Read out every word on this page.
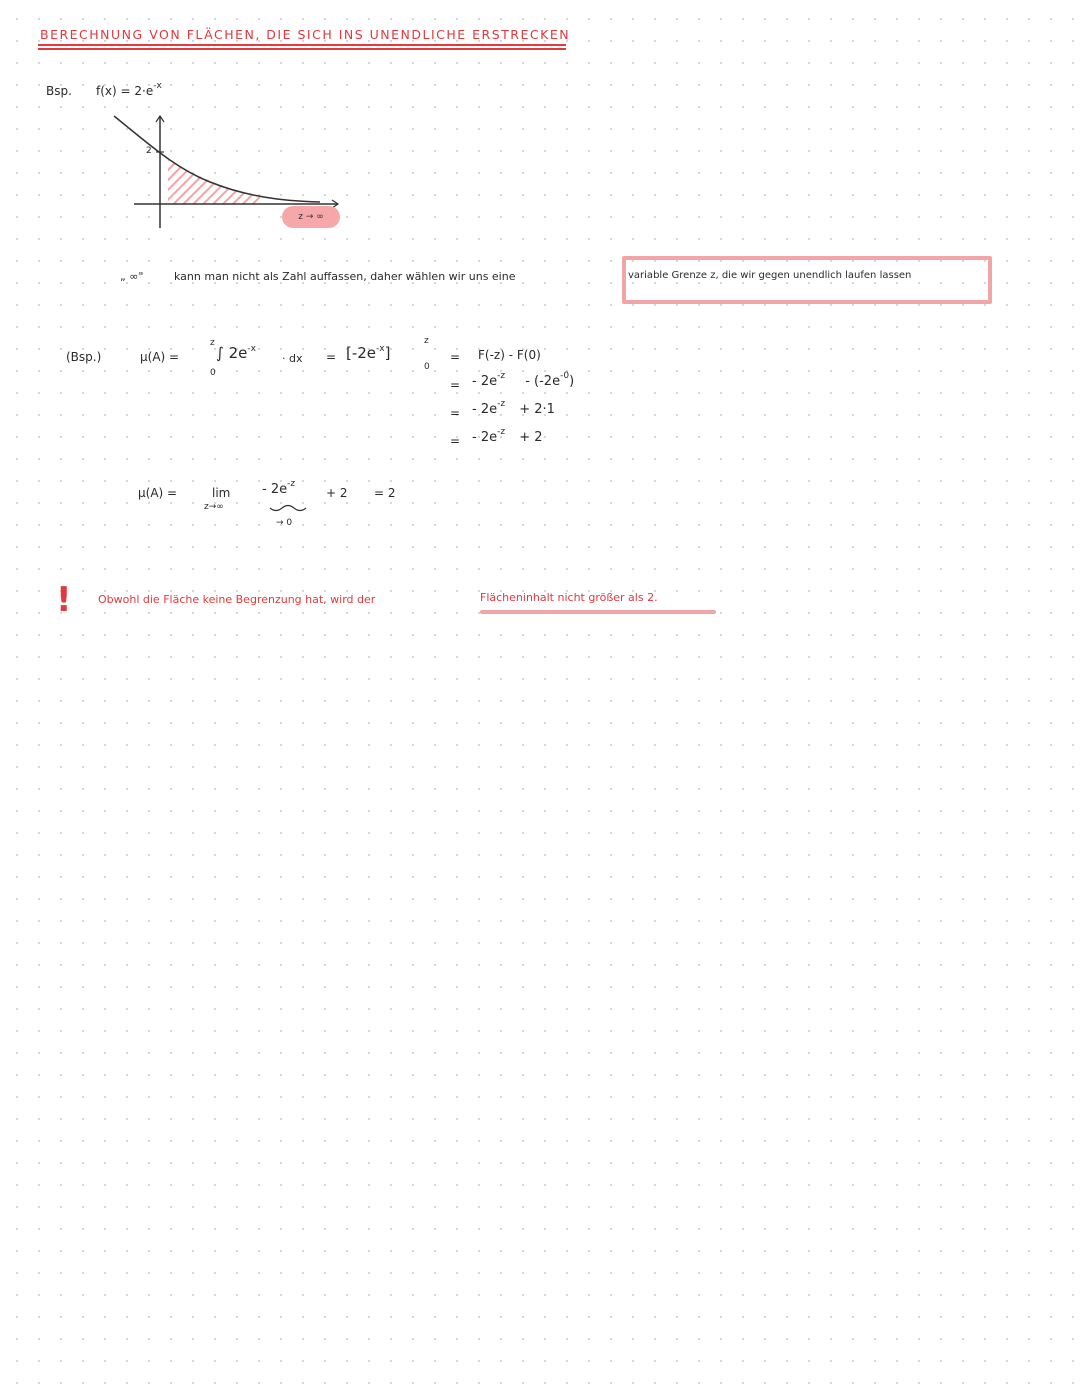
BERECHNUNG VON FLÄCHEN, DIE SICH INS UNENDLICHE ERSTRECKEN
Bsp. $f(x) = 2\cdot e^{-x}$
2
z → ∞
„ ∞"	kann man nicht als Zahl auffassen, daher wählen wir uns eine	variable Grenze z, die wir gegen unendlich laufen lassen
(Bsp.)	μ(A) =
z
0
∫ $2e^{-x}$
· dx = $[-2e^{-x}]$
z
0
= F(-z) - F(0)
= - $2e^{-z} - (-2e^{-0})$
= - $2e^{-z} + 2\cdot 1$
= - $2e^{-z} + 2$
μ(A) =	lim
z→∞
- $2e^{-z}$
+ 2 = 2
→ 0
! Obwohl die Fläche keine Begrenzung hat, wird der	Flächeninhalt nicht größer als 2.
